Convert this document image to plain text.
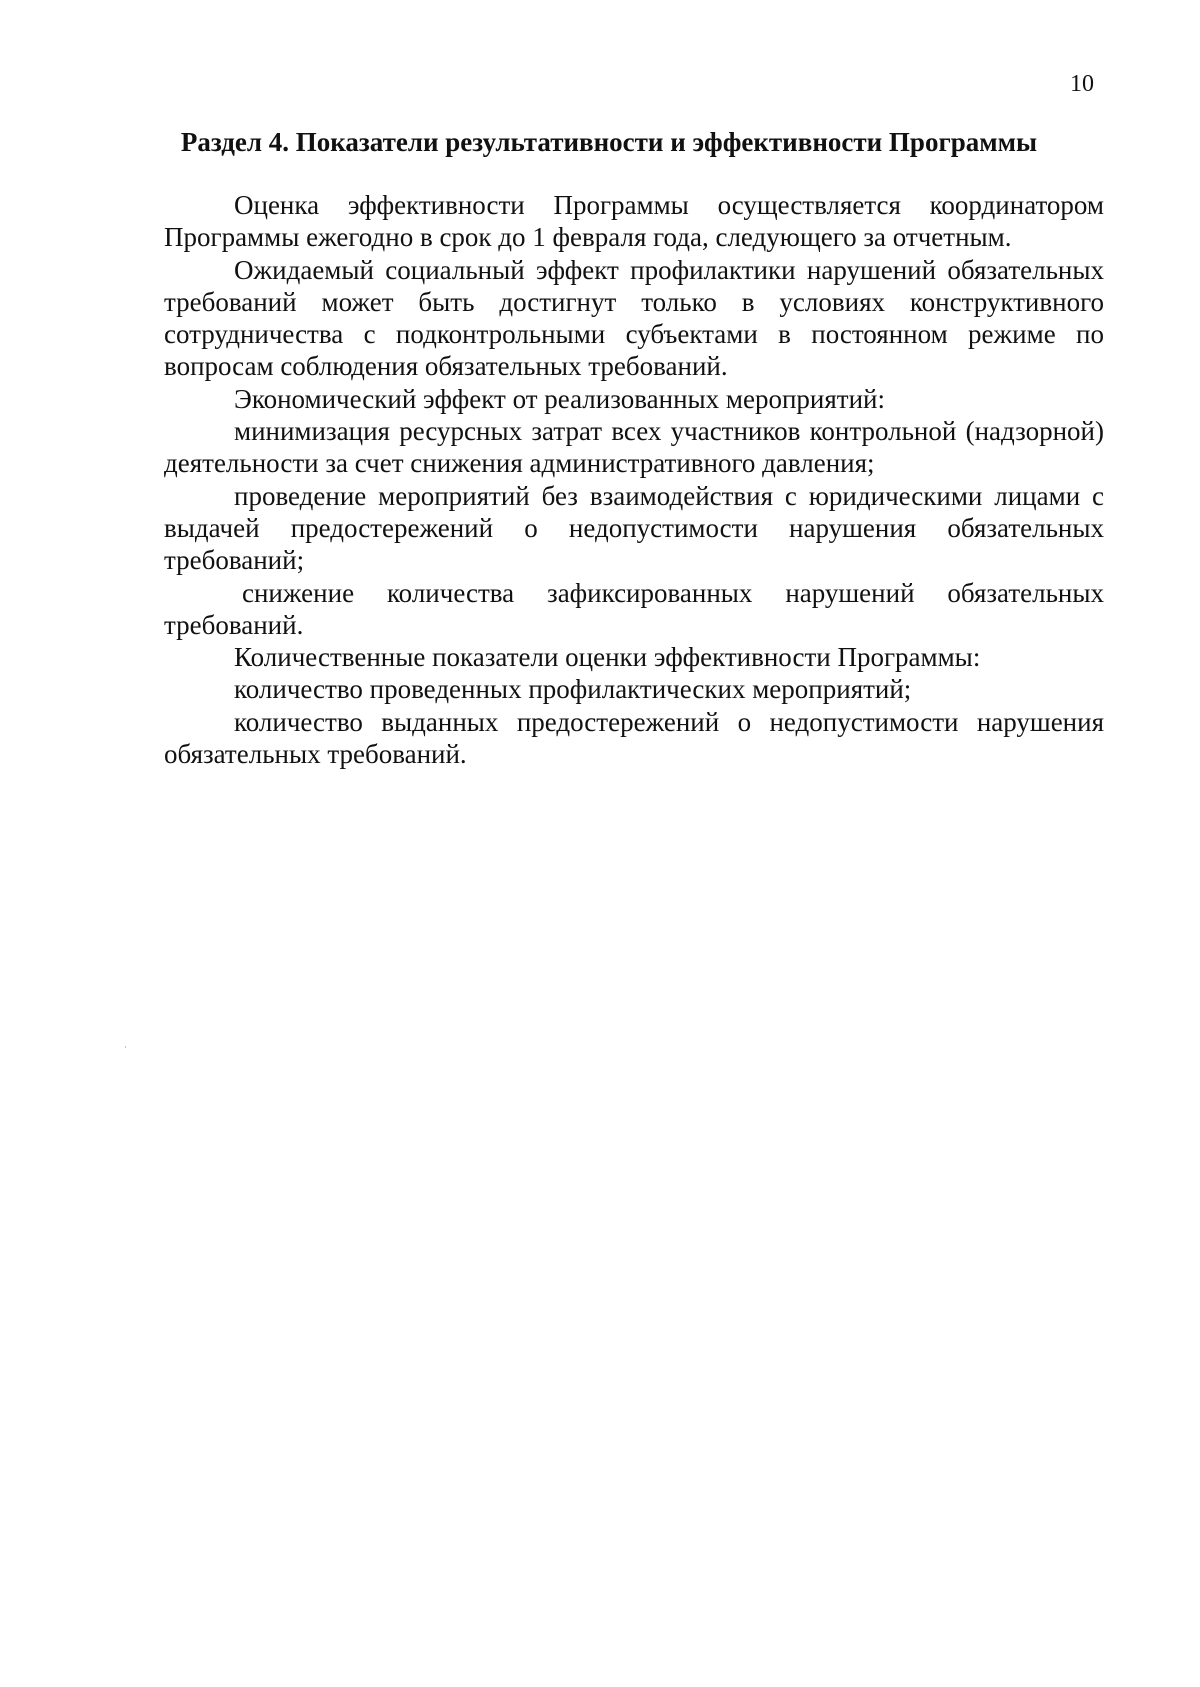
10
Раздел 4. Показатели результативности и эффективности Программы

Оценка эффективности Программы осуществляется координатором Программы ежегодно в срок до 1 февраля года, следующего за отчетным.

Ожидаемый социальный эффект профилактики нарушений обязательных требований может быть достигнут только в условиях конструктивного сотрудничества с подконтрольными субъектами в постоянном режиме по вопросам соблюдения обязательных требований.

Экономический эффект от реализованных мероприятий:

минимизация ресурсных затрат всех участников контрольной (надзорной) деятельности за счет снижения административного давления;

проведение мероприятий без взаимодействия с юридическими лицами с выдачей предостережений о недопустимости нарушения обязательных требований;

снижение количества зафиксированных нарушений обязательных требований.

Количественные показатели оценки эффективности Программы:

количество проведенных профилактических мероприятий;

количество выданных предостережений о недопустимости нарушения обязательных требований.
